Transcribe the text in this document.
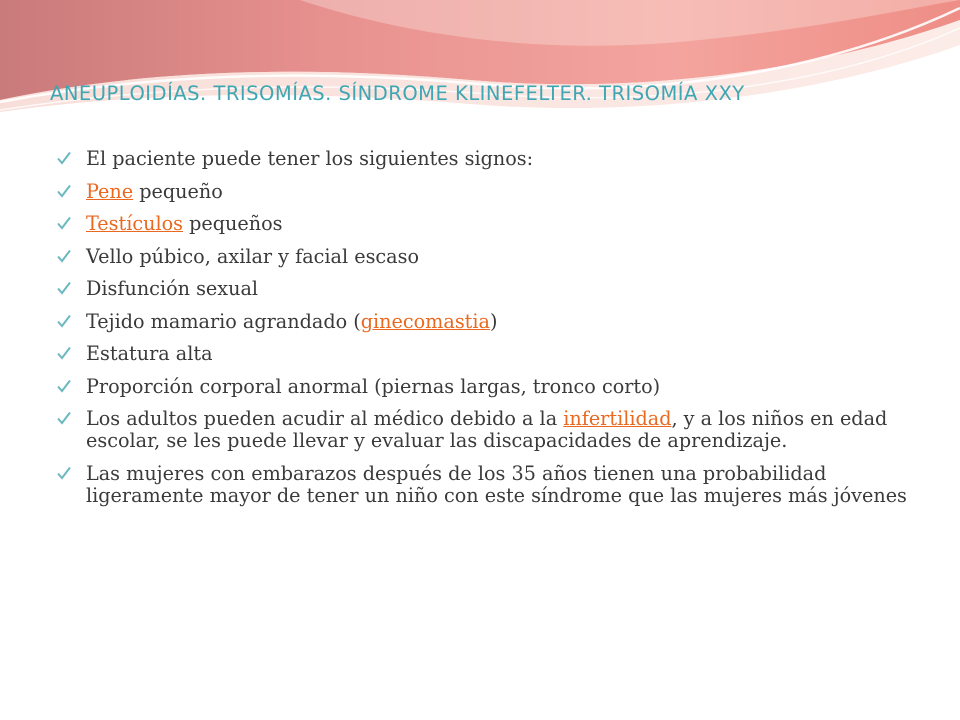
ANEUPLOIDÍAS. TRISOMÍAS. SÍNDROME KLINEFELTER. TRISOMÍA XXY
El paciente puede tener los siguientes signos:
Pene pequeño
Testículos pequeños
Vello púbico, axilar y facial escaso
Disfunción sexual
Tejido mamario agrandado (ginecomastia)
Estatura alta
Proporción corporal anormal (piernas largas, tronco corto)
Los adultos pueden acudir al médico debido a la infertilidad, y a los niños en edad escolar, se les puede llevar y evaluar las discapacidades de aprendizaje.
Las mujeres con embarazos después de los 35 años tienen una probabilidad ligeramente mayor de tener un niño con este síndrome que las mujeres más jóvenes
